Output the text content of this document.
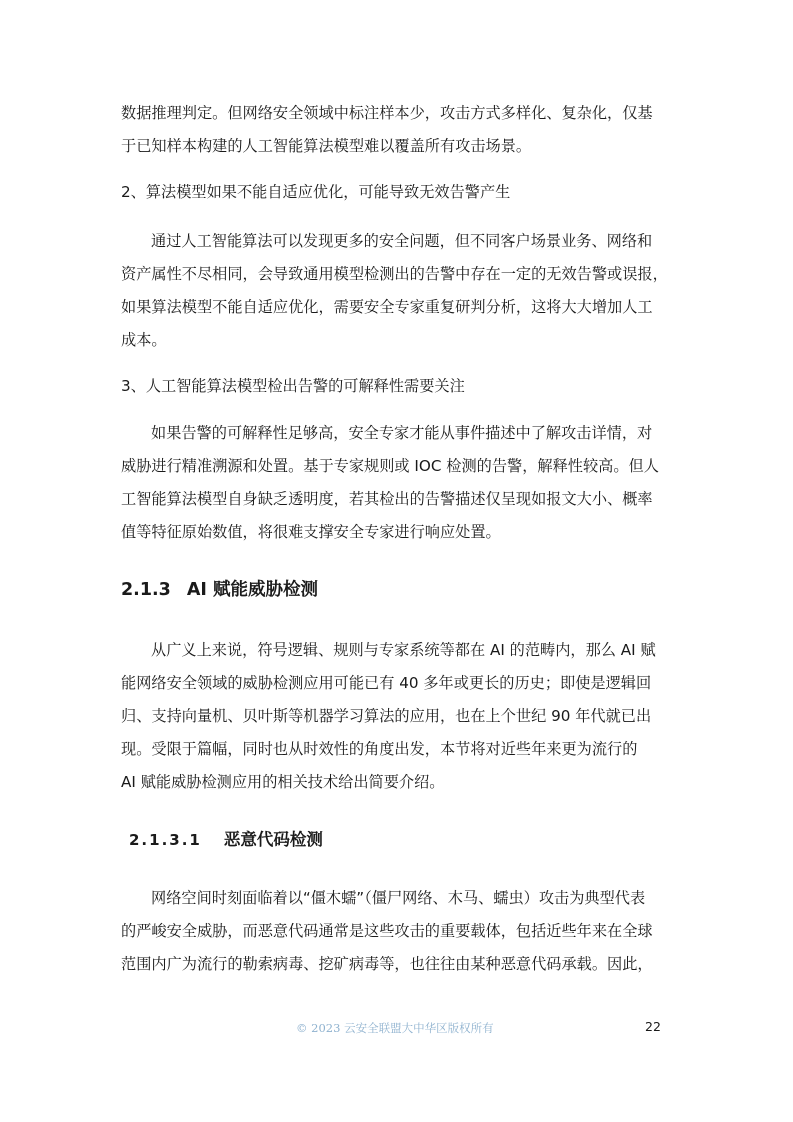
数据推理判定。但网络安全领域中标注样本少，攻击方式多样化、复杂化，仅基

于已知样本构建的人工智能算法模型难以覆盖所有攻击场景。

2、算法模型如果不能自适应优化，可能导致无效告警产生

通过人工智能算法可以发现更多的安全问题，但不同客户场景业务、网络和

资产属性不尽相同，会导致通用模型检测出的告警中存在一定的无效告警或误报，

如果算法模型不能自适应优化，需要安全专家重复研判分析，这将大大增加人工

成本。

3、人工智能算法模型检出告警的可解释性需要关注

如果告警的可解释性足够高，安全专家才能从事件描述中了解攻击详情，对

威胁进行精准溯源和处置。基于专家规则或 IOC 检测的告警，解释性较高。但人

工智能算法模型自身缺乏透明度，若其检出的告警描述仅呈现如报文大小、概率

值等特征原始数值，将很难支撑安全专家进行响应处置。

2.1.3 AI 赋能威胁检测

从广义上来说，符号逻辑、规则与专家系统等都在 AI 的范畴内，那么 AI 赋

能网络安全领域的威胁检测应用可能已有 40 多年或更长的历史；即使是逻辑回

归、支持向量机、贝叶斯等机器学习算法的应用，也在上个世纪 90 年代就已出

现。受限于篇幅，同时也从时效性的角度出发，本节将对近些年来更为流行的

AI 赋能威胁检测应用的相关技术给出简要介绍。

2.1.3.1 恶意代码检测

网络空间时刻面临着以“僵木蠕”（僵尸网络、木马、蠕虫）攻击为典型代表

的严峻安全威胁，而恶意代码通常是这些攻击的重要载体，包括近些年来在全球

范围内广为流行的勒索病毒、挖矿病毒等，也往往由某种恶意代码承载。因此，

© 2023 云安全联盟大中华区版权所有	22
